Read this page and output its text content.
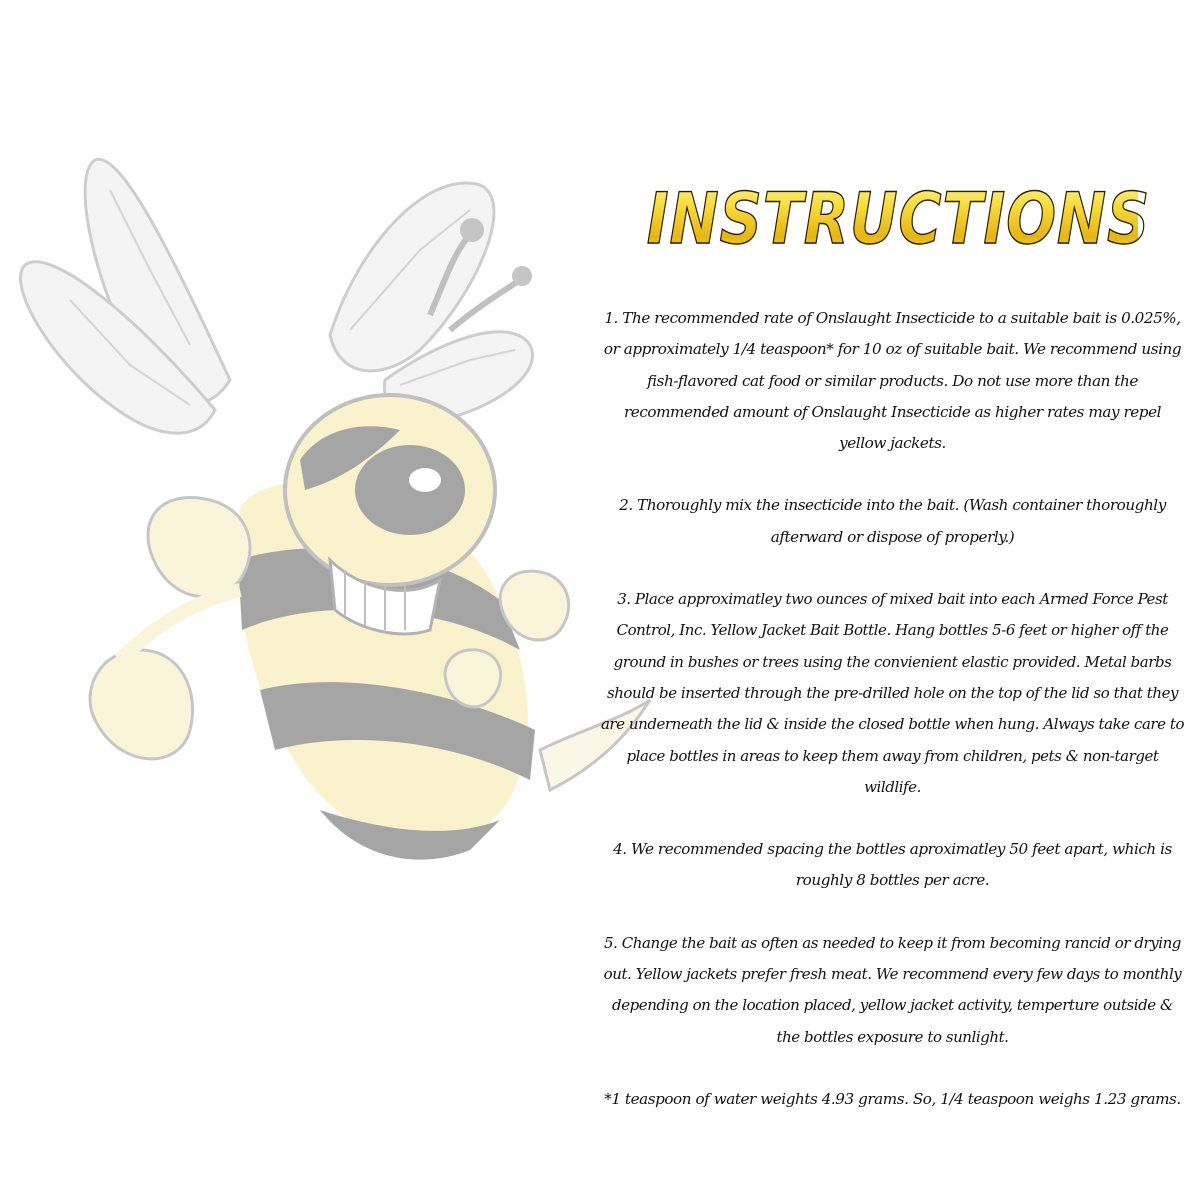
INSTRUCTIONS

1. The recommended rate of Onslaught Insecticide to a suitable bait is 0.025%, or approximately 1/4 teaspoon* for 10 oz of suitable bait. We recommend using fish-flavored cat food or similar products. Do not use more than the recommended amount of Onslaught Insecticide as higher rates may repel yellow jackets.

2. Thoroughly mix the insecticide into the bait. (Wash container thoroughly afterward or dispose of properly.)

3. Place approximatley two ounces of mixed bait into each Armed Force Pest Control, Inc. Yellow Jacket Bait Bottle. Hang bottles 5-6 feet or higher off the ground in bushes or trees using the convienient elastic provided. Metal barbs should be inserted through the pre-drilled hole on the top of the lid so that they are underneath the lid & inside the closed bottle when hung. Always take care to place bottles in areas to keep them away from children, pets & non-target wildlife.

4. We recommended spacing the bottles aproximatley 50 feet apart, which is roughly 8 bottles per acre.

5. Change the bait as often as needed to keep it from becoming rancid or drying out. Yellow jackets prefer fresh meat. We recommend every few days to monthly depending on the location placed, yellow jacket activity, temperture outside & the bottles exposure to sunlight.

*1 teaspoon of water weights 4.93 grams. So, 1/4 teaspoon weighs 1.23 grams.
